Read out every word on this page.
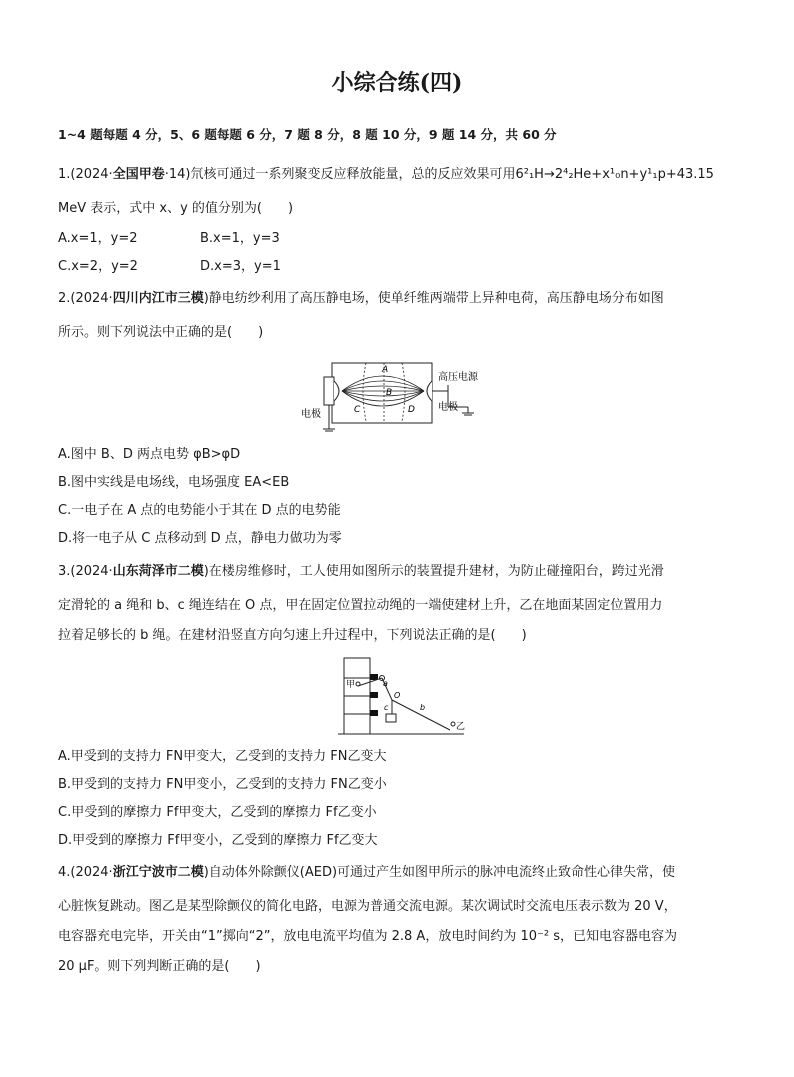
小综合练(四)
1~4 题每题 4 分，5、6 题每题 6 分，7 题 8 分，8 题 10 分，9 题 14 分，共 60 分
1.(2024·全国甲卷·14)氘核可通过一系列聚变反应释放能量，总的反应效果可用6²₁H→2⁴₂He+x¹₀n+y¹₁p+43.15
MeV 表示，式中 x、y 的值分别为(　　)
A.x=1，y=2	B.x=1，y=3
C.x=2，y=2	D.x=3，y=1
2.(2024·四川内江市三模)静电纺纱利用了高压静电场，使单纤维两端带上异种电荷，高压静电场分布如图
所示。则下列说法中正确的是(　　)
A
B
C	D
高压电源
电极
电极
A.图中 B、D 两点电势 φB>φD
B.图中实线是电场线，电场强度 EA<EB
C.一电子在 A 点的电势能小于其在 D 点的电势能
D.将一电子从 C 点移动到 D 点，静电力做功为零
3.(2024·山东菏泽市二模)在楼房维修时，工人使用如图所示的装置提升建材，为防止碰撞阳台，跨过光滑
定滑轮的 a 绳和 b、c 绳连结在 O 点，甲在固定位置拉动绳的一端使建材上升，乙在地面某固定位置用力
拉着足够长的 b 绳。在建材沿竖直方向匀速上升过程中，下列说法正确的是(　　)
甲
乙
a
b
c
O
A.甲受到的支持力 FN甲变大，乙受到的支持力 FN乙变大
B.甲受到的支持力 FN甲变小，乙受到的支持力 FN乙变小
C.甲受到的摩擦力 Ff甲变大，乙受到的摩擦力 Ff乙变小
D.甲受到的摩擦力 Ff甲变小，乙受到的摩擦力 Ff乙变大
4.(2024·浙江宁波市二模)自动体外除颤仪(AED)可通过产生如图甲所示的脉冲电流终止致命性心律失常，使
心脏恢复跳动。图乙是某型除颤仪的简化电路，电源为普通交流电源。某次调试时交流电压表示数为 20 V，
电容器充电完毕，开关由“1”掷向“2”，放电电流平均值为 2.8 A，放电时间约为 10⁻² s，已知电容器电容为
20 μF。则下列判断正确的是(　　)
